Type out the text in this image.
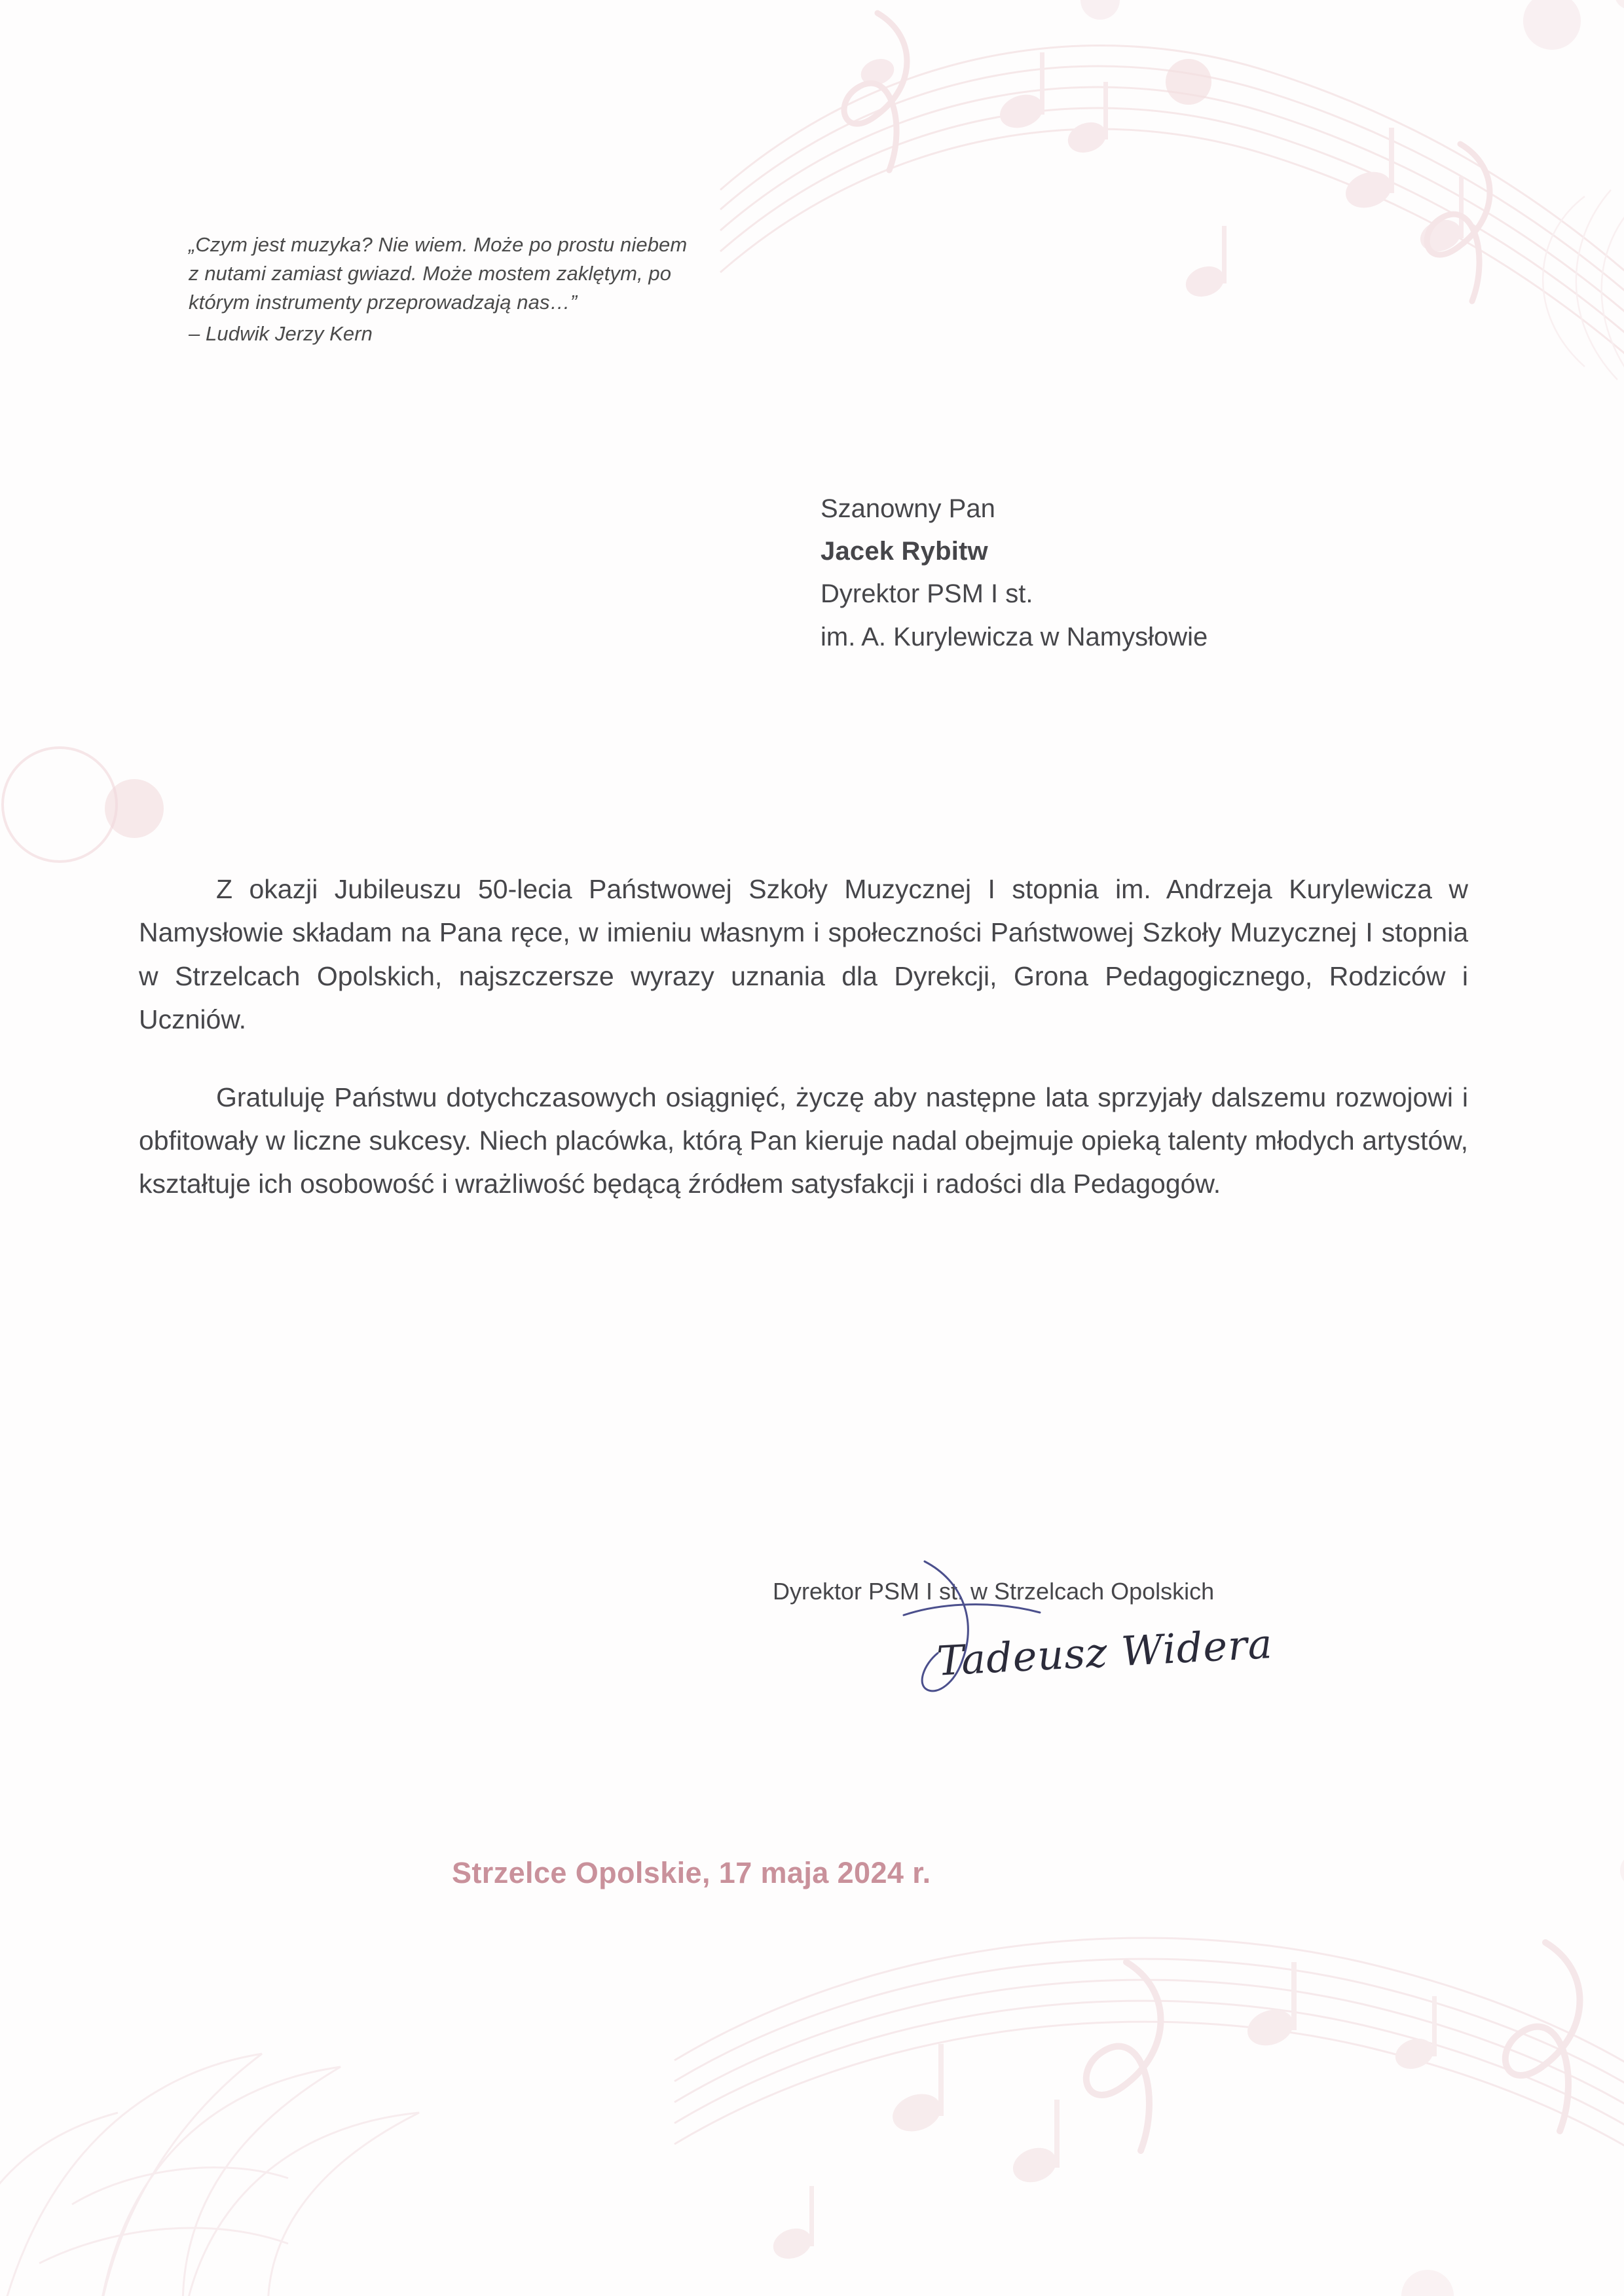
„Czym jest muzyka? Nie wiem. Może po prostu niebem
z nutami zamiast gwiazd. Może mostem zaklętym, po
którym instrumenty przeprowadzają nas…”
– Ludwik Jerzy Kern
Szanowny Pan
Jacek Rybitw
Dyrektor PSM I st.
im. A. Kurylewicza w Namysłowie

Z okazji Jubileuszu 50-lecia Państwowej Szkoły Muzycznej I stopnia im. Andrzeja Kurylewicza w Namysłowie składam na Pana ręce, w imieniu własnym i społeczności Państwowej Szkoły Muzycznej I stopnia w Strzelcach Opolskich, najszczersze wyrazy uznania dla Dyrekcji, Grona Pedagogicznego, Rodziców i Uczniów.

Gratuluję Państwu dotychczasowych osiągnięć, życzę aby następne lata sprzyjały dalszemu rozwojowi i obfitowały w liczne sukcesy. Niech placówka, którą Pan kieruje nadal obejmuje opieką talenty młodych artystów, kształtuje ich osobowość i wrażliwość będącą źródłem satysfakcji i radości dla Pedagogów.

Dyrektor PSM I st. w Strzelcach Opolskich
Tadeusz Widera
Strzelce Opolskie, 17 maja 2024 r.
